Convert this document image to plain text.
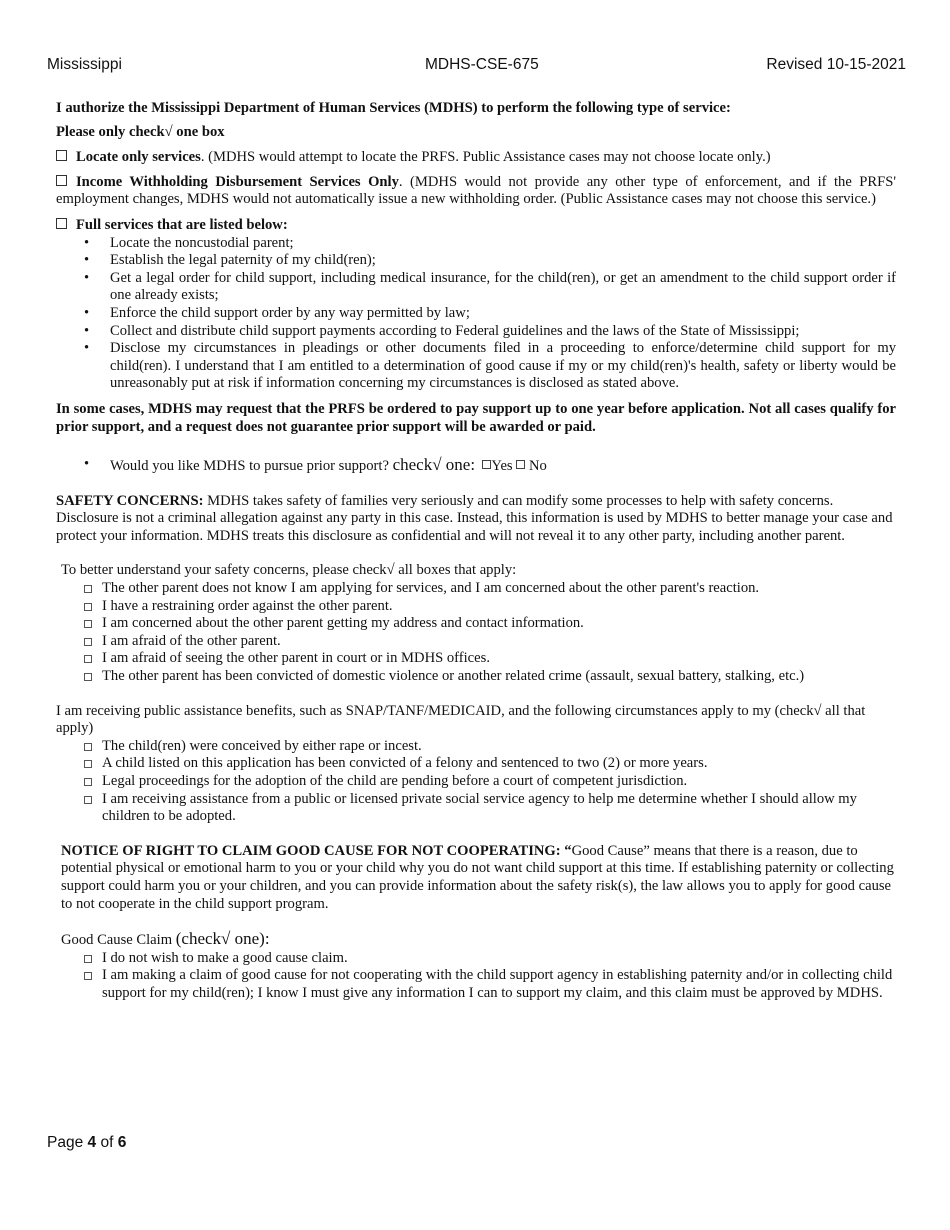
Mississippi	MDHS-CSE-675	Revised 10-15-2021

I authorize the Mississippi Department of Human Services (MDHS) to perform the following type of service:

Please only check√ one box

Locate only services. (MDHS would attempt to locate the PRFS. Public Assistance cases may not choose locate only.)

Income Withholding Disbursement Services Only. (MDHS would not provide any other type of enforcement, and if the PRFS' employment changes, MDHS would not automatically issue a new withholding order. (Public Assistance cases may not choose this service.)

Full services that are listed below:

• Locate the noncustodial parent;
• Establish the legal paternity of my child(ren);
• Get a legal order for child support, including medical insurance, for the child(ren), or get an amendment to the child support order if one already exists;
• Enforce the child support order by any way permitted by law;
• Collect and distribute child support payments according to Federal guidelines and the laws of the State of Mississippi;
• Disclose my circumstances in pleadings or other documents filed in a proceeding to enforce/determine child support for my child(ren). I understand that I am entitled to a determination of good cause if my or my child(ren)'s health, safety or liberty would be unreasonably put at risk if information concerning my circumstances is disclosed as stated above.

In some cases, MDHS may request that the PRFS be ordered to pay support up to one year before application. Not all cases qualify for prior support, and a request does not guarantee prior support will be awarded or paid.

• Would you like MDHS to pursue prior support? check√ one: Yes No

SAFETY CONCERNS: MDHS takes safety of families very seriously and can modify some processes to help with safety concerns. Disclosure is not a criminal allegation against any party in this case. Instead, this information is used by MDHS to better manage your case and protect your information. MDHS treats this disclosure as confidential and will not reveal it to any other party, including another parent.

To better understand your safety concerns, please check√ all boxes that apply:

The other parent does not know I am applying for services, and I am concerned about the other parent's reaction.
I have a restraining order against the other parent.
I am concerned about the other parent getting my address and contact information.
I am afraid of the other parent.
I am afraid of seeing the other parent in court or in MDHS offices.
The other parent has been convicted of domestic violence or another related crime (assault, sexual battery, stalking, etc.)

I am receiving public assistance benefits, such as SNAP/TANF/MEDICAID, and the following circumstances apply to my (check√ all that apply)

The child(ren) were conceived by either rape or incest.
A child listed on this application has been convicted of a felony and sentenced to two (2) or more years.
Legal proceedings for the adoption of the child are pending before a court of competent jurisdiction.
I am receiving assistance from a public or licensed private social service agency to help me determine whether I should allow my children to be adopted.

NOTICE OF RIGHT TO CLAIM GOOD CAUSE FOR NOT COOPERATING: “Good Cause” means that there is a reason, due to potential physical or emotional harm to you or your child why you do not want child support at this time. If establishing paternity or collecting support could harm you or your children, and you can provide information about the safety risk(s), the law allows you to apply for good cause to not cooperate in the child support program.

Good Cause Claim (check√ one):

I do not wish to make a good cause claim.
I am making a claim of good cause for not cooperating with the child support agency in establishing paternity and/or in collecting child support for my child(ren); I know I must give any information I can to support my claim, and this claim must be approved by MDHS.
Page 4 of 6
